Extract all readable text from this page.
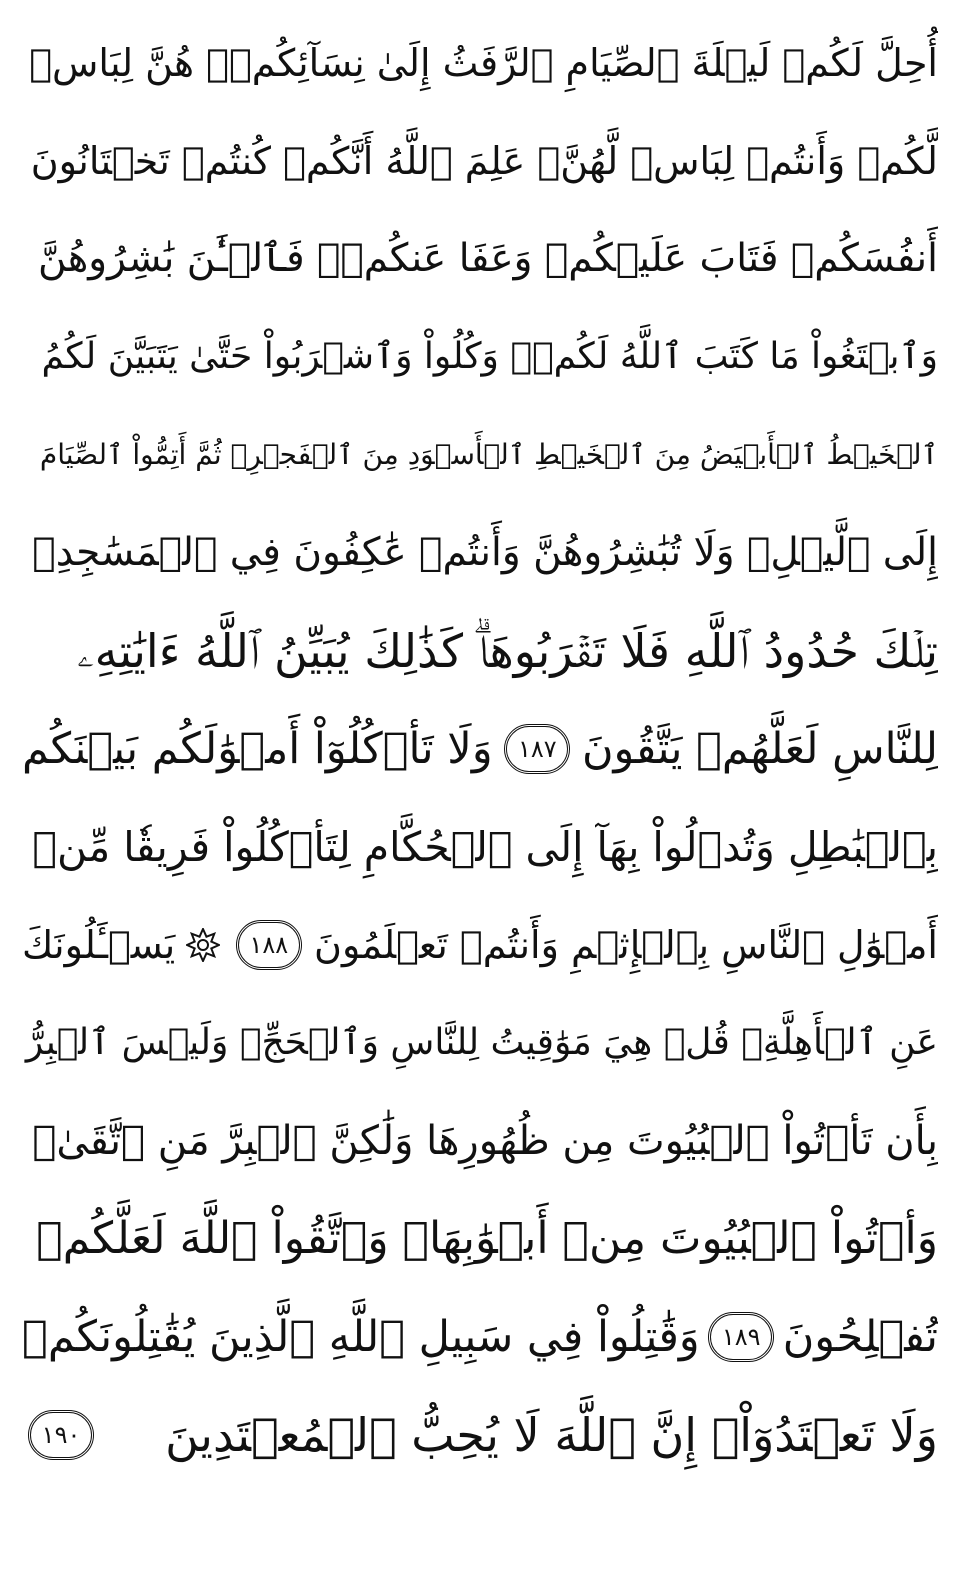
أُحِلَّ لَكُمۡ لَيۡلَةَ ٱلصِّيَامِ ٱلرَّفَثُ إِلَىٰ نِسَآئِكُمۡۚ هُنَّ لِبَاسٞ
لَّكُمۡ وَأَنتُمۡ لِبَاسٞ لَّهُنَّۗ عَلِمَ ٱللَّهُ أَنَّكُمۡ كُنتُمۡ تَخۡتَانُونَ
أَنفُسَكُمۡ فَتَابَ عَلَيۡكُمۡ وَعَفَا عَنكُمۡۖ فَٱلۡـَٰٔنَ بَٰشِرُوهُنَّ
وَٱبۡتَغُواْ مَا كَتَبَ ٱللَّهُ لَكُمۡۚ وَكُلُواْ وَٱشۡرَبُواْ حَتَّىٰ يَتَبَيَّنَ لَكُمُ
ٱلۡخَيۡطُ ٱلۡأَبۡيَضُ مِنَ ٱلۡخَيۡطِ ٱلۡأَسۡوَدِ مِنَ ٱلۡفَجۡرِۖ ثُمَّ أَتِمُّواْ ٱلصِّيَامَ
إِلَى ٱلَّيۡلِۚ وَلَا تُبَٰشِرُوهُنَّ وَأَنتُمۡ عَٰكِفُونَ فِي ٱلۡمَسَٰجِدِۗ
تِلۡكَ حُدُودُ ٱللَّهِ فَلَا تَقۡرَبُوهَاۗ كَذَٰلِكَ يُبَيِّنُ ٱللَّهُ ءَايَٰتِهِۦ
لِلنَّاسِ لَعَلَّهُمۡ يَتَّقُونَ
١٨٧
وَلَا تَأۡكُلُوٓاْ أَمۡوَٰلَكُم بَيۡنَكُم
بِٱلۡبَٰطِلِ وَتُدۡلُواْ بِهَآ إِلَى ٱلۡحُكَّامِ لِتَأۡكُلُواْ فَرِيقٗا مِّنۡ
أَمۡوَٰلِ ٱلنَّاسِ بِٱلۡإِثۡمِ وَأَنتُمۡ تَعۡلَمُونَ
١٨٨
يَسۡـَٔلُونَكَ
عَنِ ٱلۡأَهِلَّةِۖ قُلۡ هِيَ مَوَٰقِيتُ لِلنَّاسِ وَٱلۡحَجِّۗ وَلَيۡسَ ٱلۡبِرُّ
بِأَن تَأۡتُواْ ٱلۡبُيُوتَ مِن ظُهُورِهَا وَلَٰكِنَّ ٱلۡبِرَّ مَنِ ٱتَّقَىٰۗ
وَأۡتُواْ ٱلۡبُيُوتَ مِنۡ أَبۡوَٰبِهَاۚ وَٱتَّقُواْ ٱللَّهَ لَعَلَّكُمۡ
تُفۡلِحُونَ
١٨٩
وَقَٰتِلُواْ فِي سَبِيلِ ٱللَّهِ ٱلَّذِينَ يُقَٰتِلُونَكُمۡ
وَلَا تَعۡتَدُوٓاْۚ إِنَّ ٱللَّهَ لَا يُحِبُّ ٱلۡمُعۡتَدِينَ
١٩٠
